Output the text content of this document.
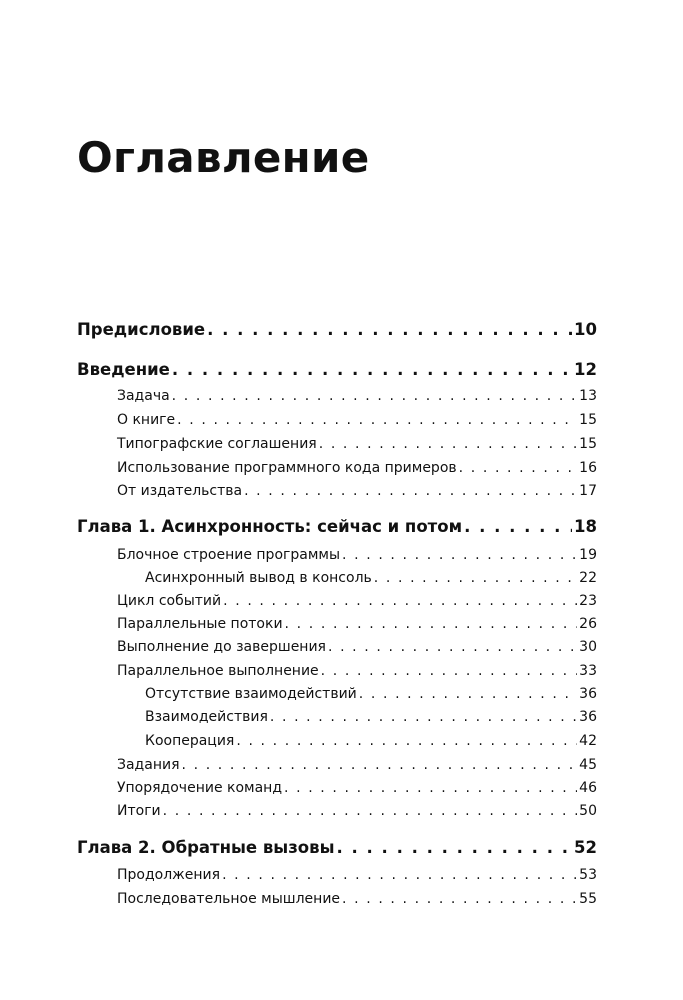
Оглавление
Предисловие . . .	10
Введение . . .	12
Задача . . .	13
О книге . . .	15
Типографские соглашения . . .	15
Использование программного кода примеров . . .	16
От издательства . . .	17
Глава 1. Асинхронность: сейчас и потом . . .	18
Блочное строение программы . . .	19
Асинхронный вывод в консоль . . .	22
Цикл событий . . .	23
Параллельные потоки . . .	26
Выполнение до завершения . . .	30
Параллельное выполнение . . .	33
Отсутствие взаимодействий . . .	36
Взаимодействия . . .	36
Кооперация . . .	42
Задания . . .	45
Упорядочение команд . . .	46
Итоги . . .	50
Глава 2. Обратные вызовы . . .	52
Продолжения . . .	53
Последовательное мышление . . .	55
